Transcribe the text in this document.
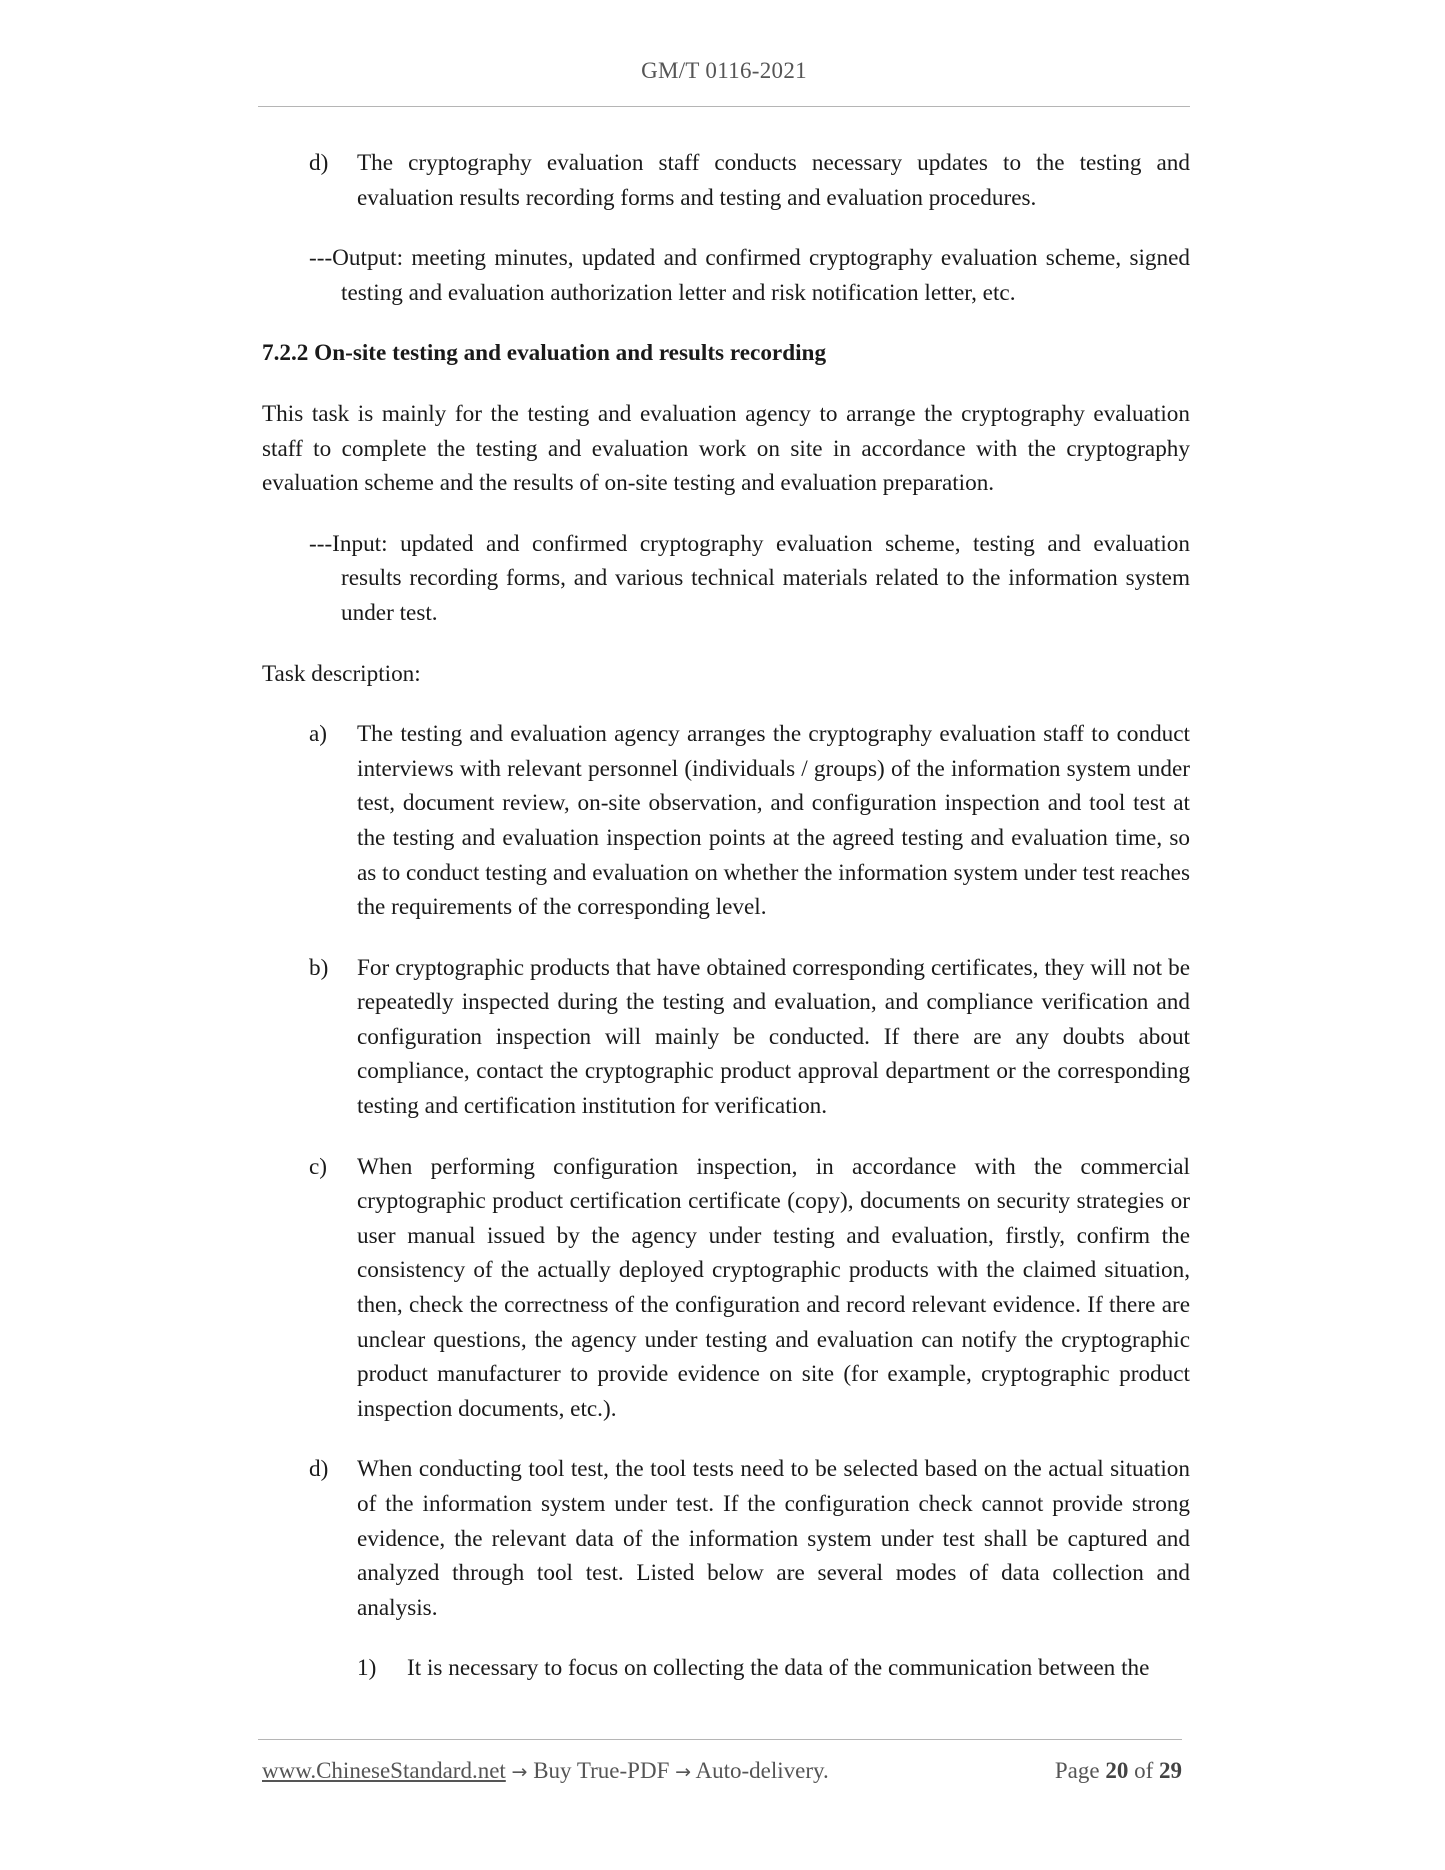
GM/T 0116-2021
d)	The cryptography evaluation staff conducts necessary updates to the testing and evaluation results recording forms and testing and evaluation procedures.
---Output: meeting minutes, updated and confirmed cryptography evaluation scheme, signed testing and evaluation authorization letter and risk notification letter, etc.
7.2.2 On-site testing and evaluation and results recording
This task is mainly for the testing and evaluation agency to arrange the cryptography evaluation staff to complete the testing and evaluation work on site in accordance with the cryptography evaluation scheme and the results of on-site testing and evaluation preparation.
---Input: updated and confirmed cryptography evaluation scheme, testing and evaluation results recording forms, and various technical materials related to the information system under test.
Task description:
a)	The testing and evaluation agency arranges the cryptography evaluation staff to conduct interviews with relevant personnel (individuals / groups) of the information system under test, document review, on-site observation, and configuration inspection and tool test at the testing and evaluation inspection points at the agreed testing and evaluation time, so as to conduct testing and evaluation on whether the information system under test reaches the requirements of the corresponding level.
b)	For cryptographic products that have obtained corresponding certificates, they will not be repeatedly inspected during the testing and evaluation, and compliance verification and configuration inspection will mainly be conducted. If there are any doubts about compliance, contact the cryptographic product approval department or the corresponding testing and certification institution for verification.
c)	When performing configuration inspection, in accordance with the commercial cryptographic product certification certificate (copy), documents on security strategies or user manual issued by the agency under testing and evaluation, firstly, confirm the consistency of the actually deployed cryptographic products with the claimed situation, then, check the correctness of the configuration and record relevant evidence. If there are unclear questions, the agency under testing and evaluation can notify the cryptographic product manufacturer to provide evidence on site (for example, cryptographic product inspection documents, etc.).
d)	When conducting tool test, the tool tests need to be selected based on the actual situation of the information system under test. If the configuration check cannot provide strong evidence, the relevant data of the information system under test shall be captured and analyzed through tool test. Listed below are several modes of data collection and analysis.
1)	It is necessary to focus on collecting the data of the communication between the
www.ChineseStandard.net → Buy True-PDF → Auto-delivery.	Page 20 of 29
